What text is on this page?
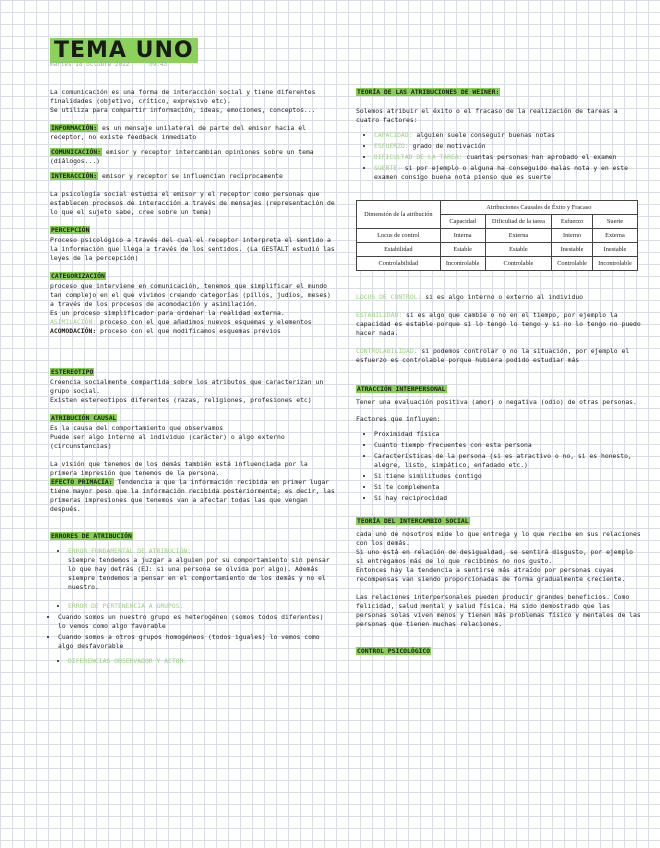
TEMA UNO
martes 18 octubre 2022	09:43

La comunicación es una forma de interacción social y tiene diferentes finalidades (objetivo, crítico, expresivo etc).

Se utiliza para compartir información, ideas, emociones, conceptos...

INFORMACIÓN: es un mensaje unilateral de parte del emisor hacia el receptor, no existe feedback inmediato

COMUNICACIÓN: emisor y receptor intercambian opiniones sobre un tema (diálogos...)

INTERACCIÓN: emisor y receptor se influencian recíprocamente

La psicología social estudia el emisor y el receptor como personas que establecen procesos de interacción a través de mensajes (representación de lo que el sujeto sabe, cree sobre un tema)

PERCEPCIÓN

Proceso psicológico a través del cual el receptor interpreta el sentido a la información que llega a través de los sentidos. (La GESTALT estudió las leyes de la percepción)

CATEGORIZACIÓN

proceso que interviene en comunicación, tenemos que simplificar el mundo tan complejo en el que vivimos creando categorías (pillos, judíos, meses) a través de los procesos de acomodación y asimilación.

Es un proceso simplificador para ordenar la realidad externa.

ASIMILACIÓN: proceso con el que añadimos nuevos esquemas y elementos

ACOMODACIÓN: proceso con el que modificamos esquemas previos

ESTEREOTIPO

Creencia socialmente compartida sobre los atributos que caracterizan un grupo social.

Existen estereotipos diferentes (razas, religiones, profesiones etc)

ATRIBUCIÓN CAUSAL

Es la causa del comportamiento que observamos

Puede ser algo interno al individuo (carácter) o algo externo (circunstancias)

La visión que tenemos de los demás también está influenciada por la primera impresión que tenemos de la persona.

EFECTO PRIMACÍA: Tendencia a que la información recibida en primer lugar tiene mayor peso que la información recibida posteriormente; es decir, las primeras impresiones que tenemos van a afectar todas las que vengan después.

ERRORES DE ATRIBUCIÓN

• ERROR FUNDAMENTAL DE ATRIBUCIÓN:
siempre tendemos a juzgar a alguien por su comportamiento sin pensar lo que hay detrás (EJ: si una persona se olvida por algo). Además siempre tendemos a pensar en el comportamiento de los demás y no el nuestro.
• ERROR DE PERTENENCIA A GRUPOS.
• Cuando somos un nuestro grupo es heterogéneo (somos todos diferentes) lo vemos como algo favorable
• Cuando somos a otros grupos homogéneos (todos iguales) lo vemos como algo desfavorable
• DIFERENCIAS OBSERVADOR Y ACTOR.

TEORÍA DE LAS ATRIBUCIONES DE WEINER:

Solemos atribuir el éxito o el fracaso de la realización de tareas a cuatro factores:

• CAPACIDAD: alguien suele conseguir buenas notas
• ESFUERZO: grado de motivación
• DIFICULTAD DE LA TAREA: cuantas personas han aprobado el examen
• SUERTE: si por ejemplo o alguna ha conseguido malas nota y en este examen consigo buena nota pienso que es suerte
Dimensión de la atribución	Atribuciones Causales de Éxito y Fracaso			
	Capacidad	Dificultad de la tarea	Esfuerzo	Suerte
Locus de control	Interna	Externa	Interno	Externa
Estabilidad	Estable	Estable	Inestable	Inestable
Controlabilidad	Incontrolable	Controlable	Controlable	Incontrolable

LOCUS DE CONTROL: si es algo interno o externo al individuo

ESTABILIDAD: si es algo que cambie o no en el tiempo, por ejemplo la capacidad es estable porque si lo tengo lo tengo y si no lo tengo no puedo hacer nada.

CONTROLABILIDAD: si podemos controlar o no la situación, por ejemplo el esfuerzo es controlable porque hubiera podido estudiar más

ATRACCIÓN INTERPERSONAL

Tener una evaluación positiva (amor) o negativa (odio) de otras personas.

Factores que influyen:

• Proximidad física
• Cuanto tiempo frecuentes con esta persona
• Características de la persona (si es atractivo o no, si es honesto, alegre, listo, simpático, enfadado etc.)
• Si tiene similitudes contigo
• Si te complementa
• Si hay reciprocidad

TEORÍA DEL INTERCAMBIO SOCIAL

cada uno de nosotros mide lo que entrega y lo que recibe en sus relaciones con los demás.

Si uno está en relación de desigualdad, se sentirá disgusto, por ejemplo si entregamos más de lo que recibimos no nos gusto.

Entonces hay la tendencia a sentirse más atraído por personas cuyas recompensas van siendo proporcionadas de forma gradualmente creciente.

Las relaciones interpersonales pueden producir grandes beneficios. Como felicidad, salud mental y salud física. Ha sido demostrado que las personas solas viven menos y tienen más problemas físico y mentales de las personas que tienen muchas relaciones.

CONTROL PSICOLÓGICO
